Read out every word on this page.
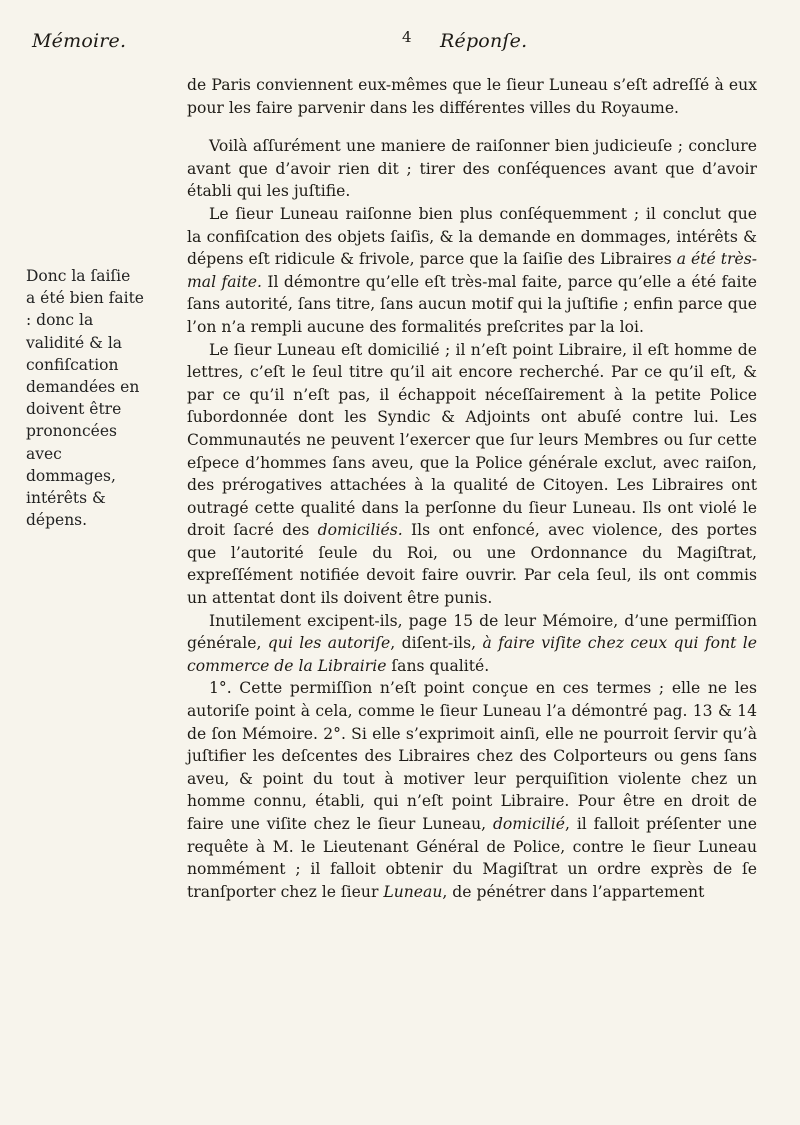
Mémoire.	4 Réponſe.
Donc la ſaiſie a été bien faite : donc la validité & la confiſcation demandées en doivent être prononcées avec dommages, intérêts & dépens.

de Paris conviennent eux-mêmes que le ſieur Luneau s’eſt adreſſé à eux pour les faire parvenir dans les différentes villes du Royaume.

Voilà aſſurément une maniere de raiſonner bien judicieuſe ; conclure avant que d’avoir rien dit ; tirer des conſéquences avant que d’avoir établi qui les juſtifie.

Le ſieur Luneau raiſonne bien plus conſéquemment ; il conclut que la confiſcation des objets ſaiſis, & la demande en dommages, intérêts & dépens eſt ridicule & frivole, parce que la ſaiſie des Libraires a été très-mal faite. Il démontre qu’elle eſt très-mal faite, parce qu’elle a été faite ſans autorité, ſans titre, ſans aucun motif qui la juſtifie ; enfin parce que l’on n’a rempli aucune des formalités preſcrites par la loi.

Le ſieur Luneau eſt domicilié ; il n’eſt point Libraire, il eſt homme de lettres, c’eſt le ſeul titre qu’il ait encore recherché. Par ce qu’il eſt, & par ce qu’il n’eſt pas, il échappoit néceſſairement à la petite Police ſubordonnée dont les Syndic & Adjoints ont abuſé contre lui. Les Communautés ne peuvent l’exercer que ſur leurs Membres ou ſur cette eſpece d’hommes ſans aveu, que la Police générale exclut, avec raiſon, des prérogatives attachées à la qualité de Citoyen. Les Libraires ont outragé cette qualité dans la perſonne du ſieur Luneau. Ils ont violé le droit ſacré des domiciliés. Ils ont enfoncé, avec violence, des portes que l’autorité ſeule du Roi, ou une Ordonnance du Magiſtrat, expreſſément notifiée devoit faire ouvrir. Par cela ſeul, ils ont commis un attentat dont ils doivent être punis.

Inutilement excipent-ils, page 15 de leur Mémoire, d’une permiſſion générale, qui les autoriſe, diſent-ils, à faire viſite chez ceux qui font le commerce de la Librairie ſans qualité.

1°. Cette permiſſion n’eſt point conçue en ces termes ; elle ne les autoriſe point à cela, comme le ſieur Luneau l’a démontré pag. 13 & 14 de ſon Mémoire. 2°. Si elle s’exprimoit ainſi, elle ne pourroit ſervir qu’à juſtifier les deſcentes des Libraires chez des Colporteurs ou gens ſans aveu, & point du tout à motiver leur perquiſition violente chez un homme connu, établi, qui n’eſt point Libraire. Pour être en droit de faire une viſite chez le ſieur Luneau, domicilié, il falloit préſenter une requête à M. le Lieutenant Général de Police, contre le ſieur Luneau nommément ; il falloit obtenir du Magiſtrat un ordre exprès de ſe tranſporter chez le ſieur Luneau, de pénétrer dans l’appartement
